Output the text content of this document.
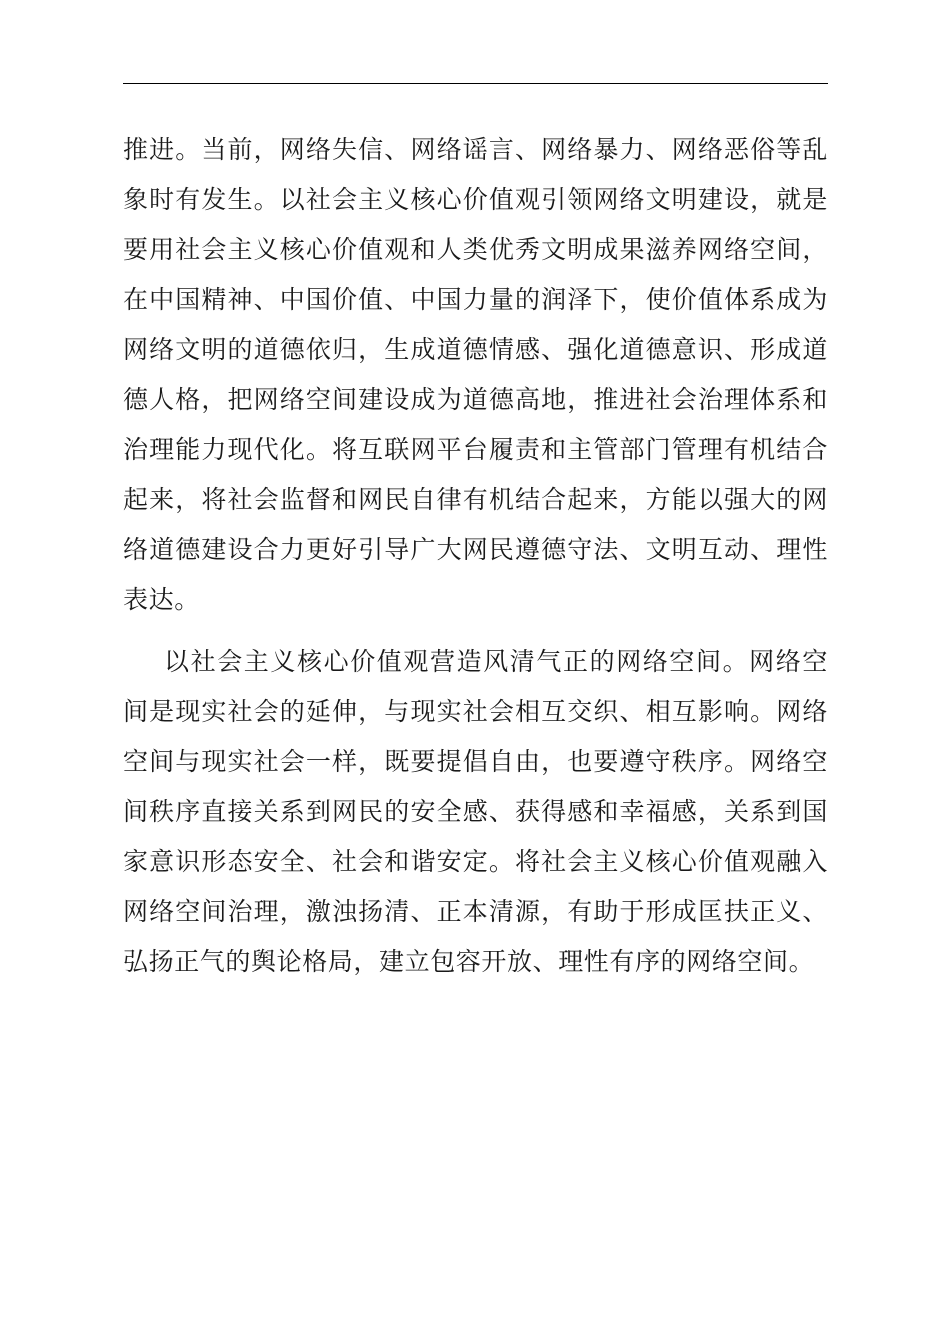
推进。当前，网络失信、网络谣言、网络暴力、网络恶俗等乱象时有发生。以社会主义核心价值观引领网络文明建设，就是要用社会主义核心价值观和人类优秀文明成果滋养网络空间，在中国精神、中国价值、中国力量的润泽下，使价值体系成为网络文明的道德依归，生成道德情感、强化道德意识、形成道德人格，把网络空间建设成为道德高地，推进社会治理体系和治理能力现代化。将互联网平台履责和主管部门管理有机结合起来，将社会监督和网民自律有机结合起来，方能以强大的网络道德建设合力更好引导广大网民遵德守法、文明互动、理性表达。

以社会主义核心价值观营造风清气正的网络空间。网络空间是现实社会的延伸，与现实社会相互交织、相互影响。网络空间与现实社会一样，既要提倡自由，也要遵守秩序。网络空间秩序直接关系到网民的安全感、获得感和幸福感，关系到国家意识形态安全、社会和谐安定。将社会主义核心价值观融入网络空间治理，激浊扬清、正本清源，有助于形成匡扶正义、弘扬正气的舆论格局，建立包容开放、理性有序的网络空间。
